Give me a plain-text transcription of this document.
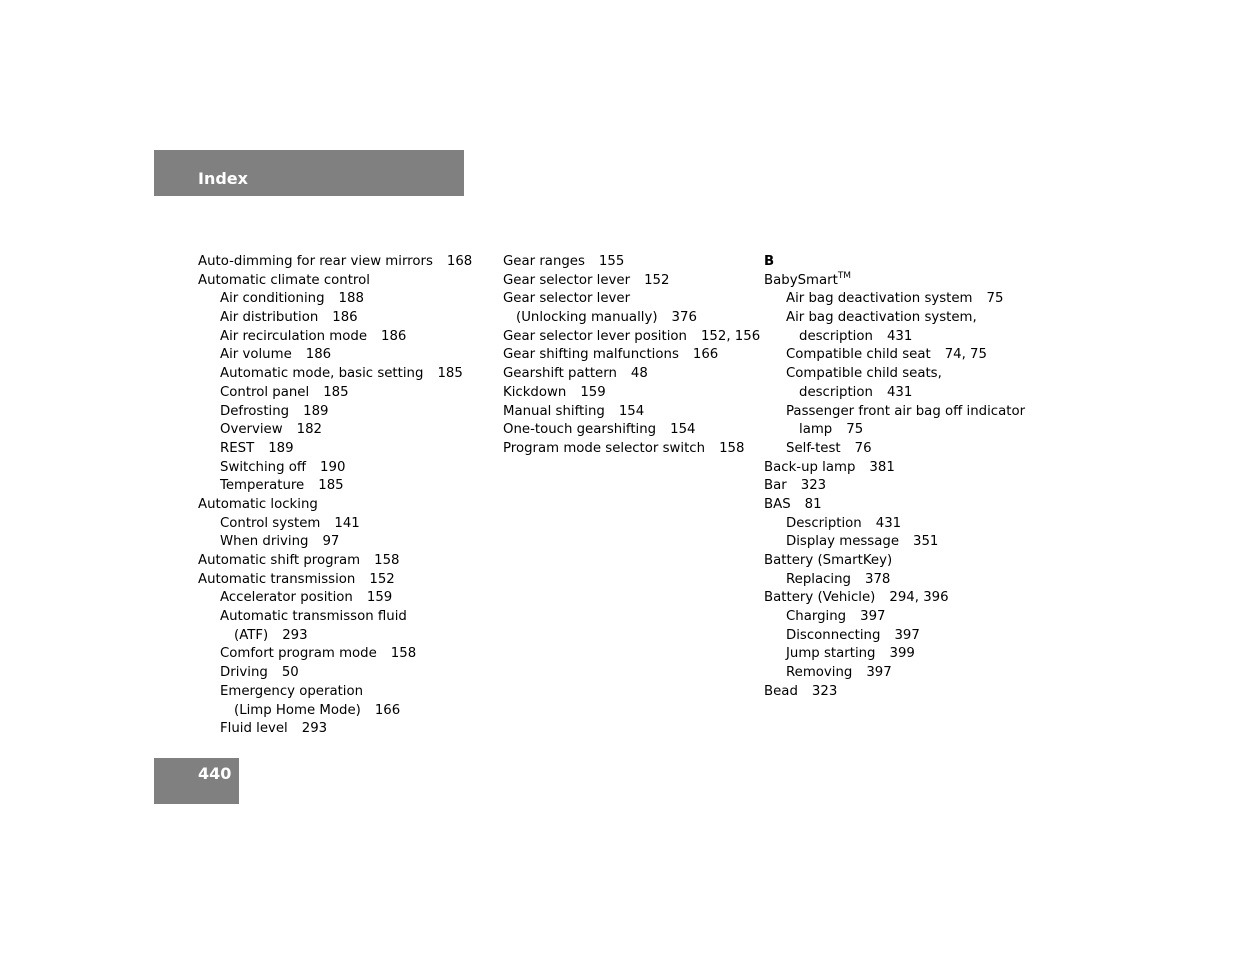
Index
Auto-dimming for rear view mirrors 168
Automatic climate control
Air conditioning 188
Air distribution 186
Air recirculation mode 186
Air volume 186
Automatic mode, basic setting 185
Control panel 185
Defrosting 189
Overview 182
REST 189
Switching off 190
Temperature 185
Automatic locking
Control system 141
When driving 97
Automatic shift program 158
Automatic transmission 152
Accelerator position 159
Automatic transmisson fluid
(ATF) 293
Comfort program mode 158
Driving 50
Emergency operation
(Limp Home Mode) 166
Fluid level 293
Gear ranges 155
Gear selector lever 152
Gear selector lever
(Unlocking manually) 376
Gear selector lever position 152, 156
Gear shifting malfunctions 166
Gearshift pattern 48
Kickdown 159
Manual shifting 154
One-touch gearshifting 154
Program mode selector switch 158
B
BabySmart™
Air bag deactivation system 75
Air bag deactivation system,
description 431
Compatible child seat 74, 75
Compatible child seats,
description 431
Passenger front air bag off indicator
lamp 75
Self-test 76
Back-up lamp 381
Bar 323
BAS 81
Description 431
Display message 351
Battery (SmartKey)
Replacing 378
Battery (Vehicle) 294, 396
Charging 397
Disconnecting 397
Jump starting 399
Removing 397
Bead 323
440
